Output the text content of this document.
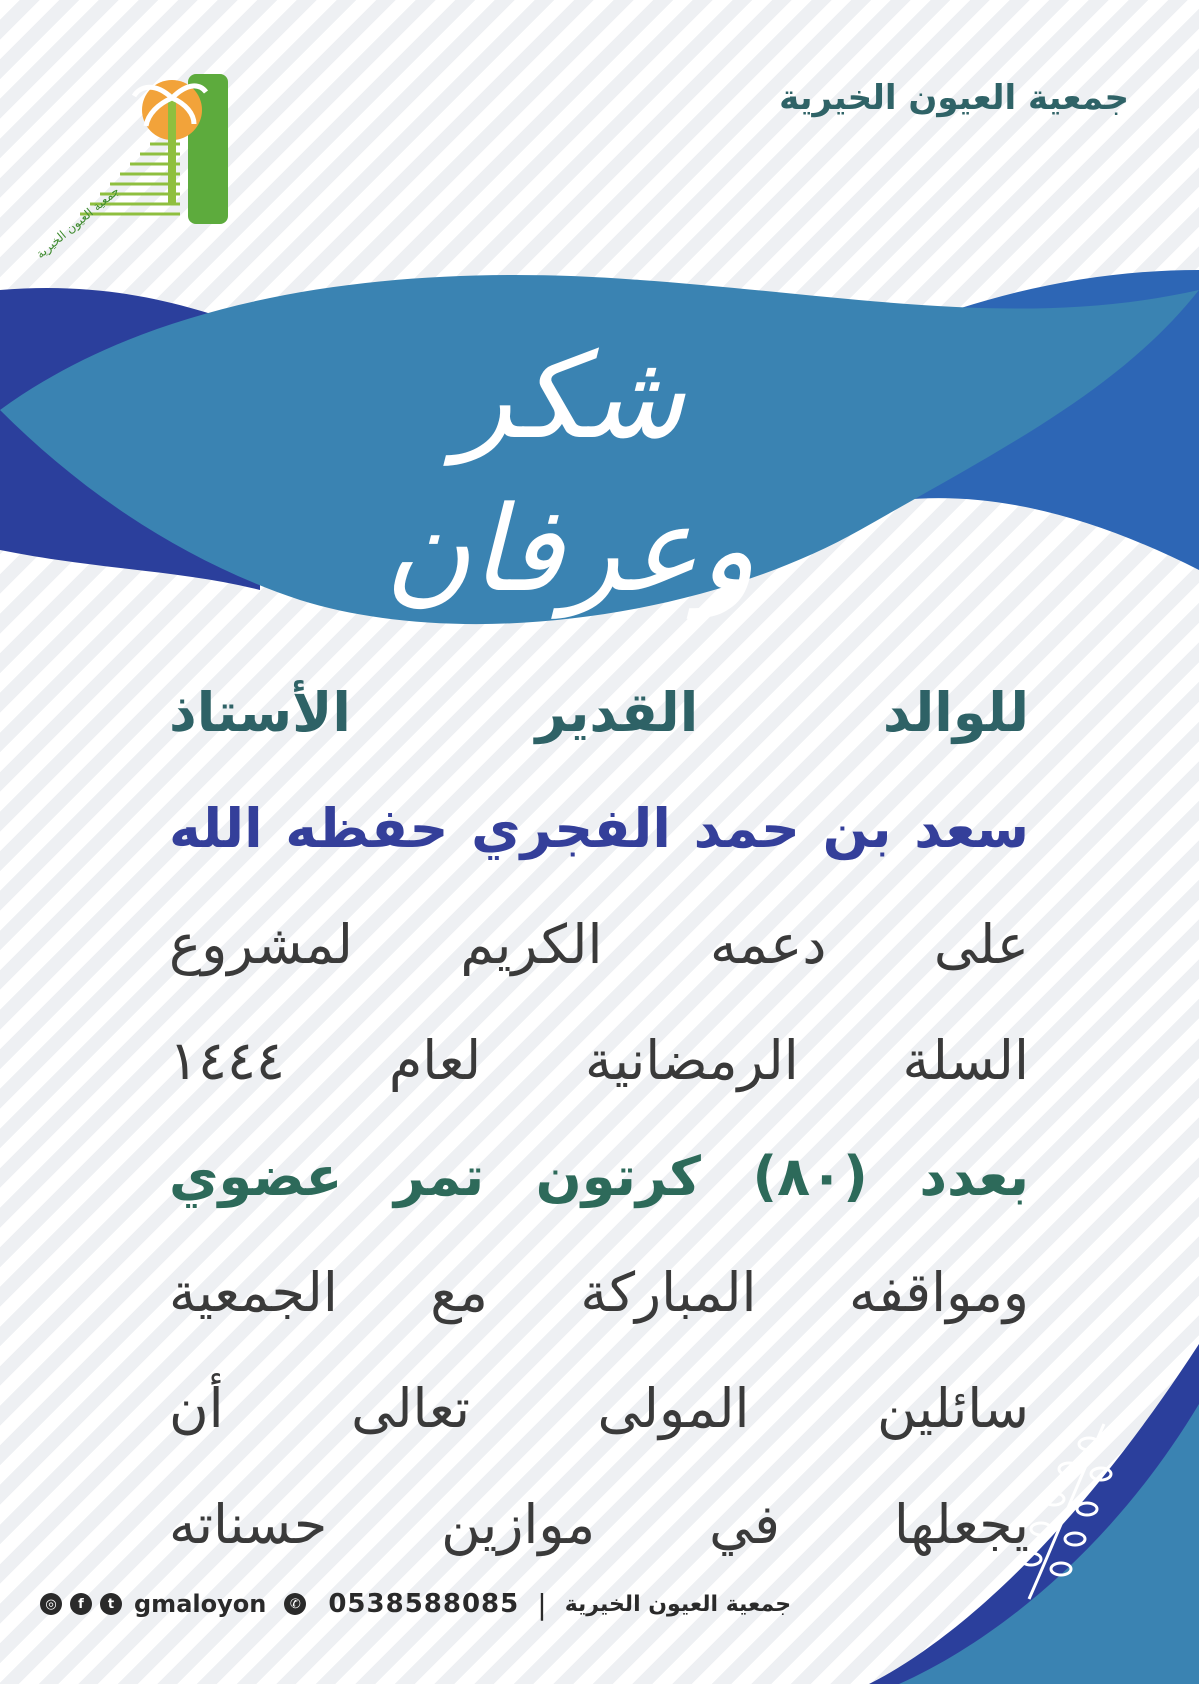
جمعية العيون الخيرية
جمعية العيون الخيرية
شكر وعرفان
للوالد القدير الأستاذ
سعد بن حمد الفجري حفظه الله
على دعمه الكريم لمشروع
السلة الرمضانية لعام ١٤٤٤
بعدد (٨٠) كرتون تمر عضوي
ومواقفه المباركة مع الجمعية
سائلين المولى تعالى أن
يجعلها في موازين حسناته
◎	f	t gmaloyon	✆ 0538588085 | جمعية العيون الخيرية
